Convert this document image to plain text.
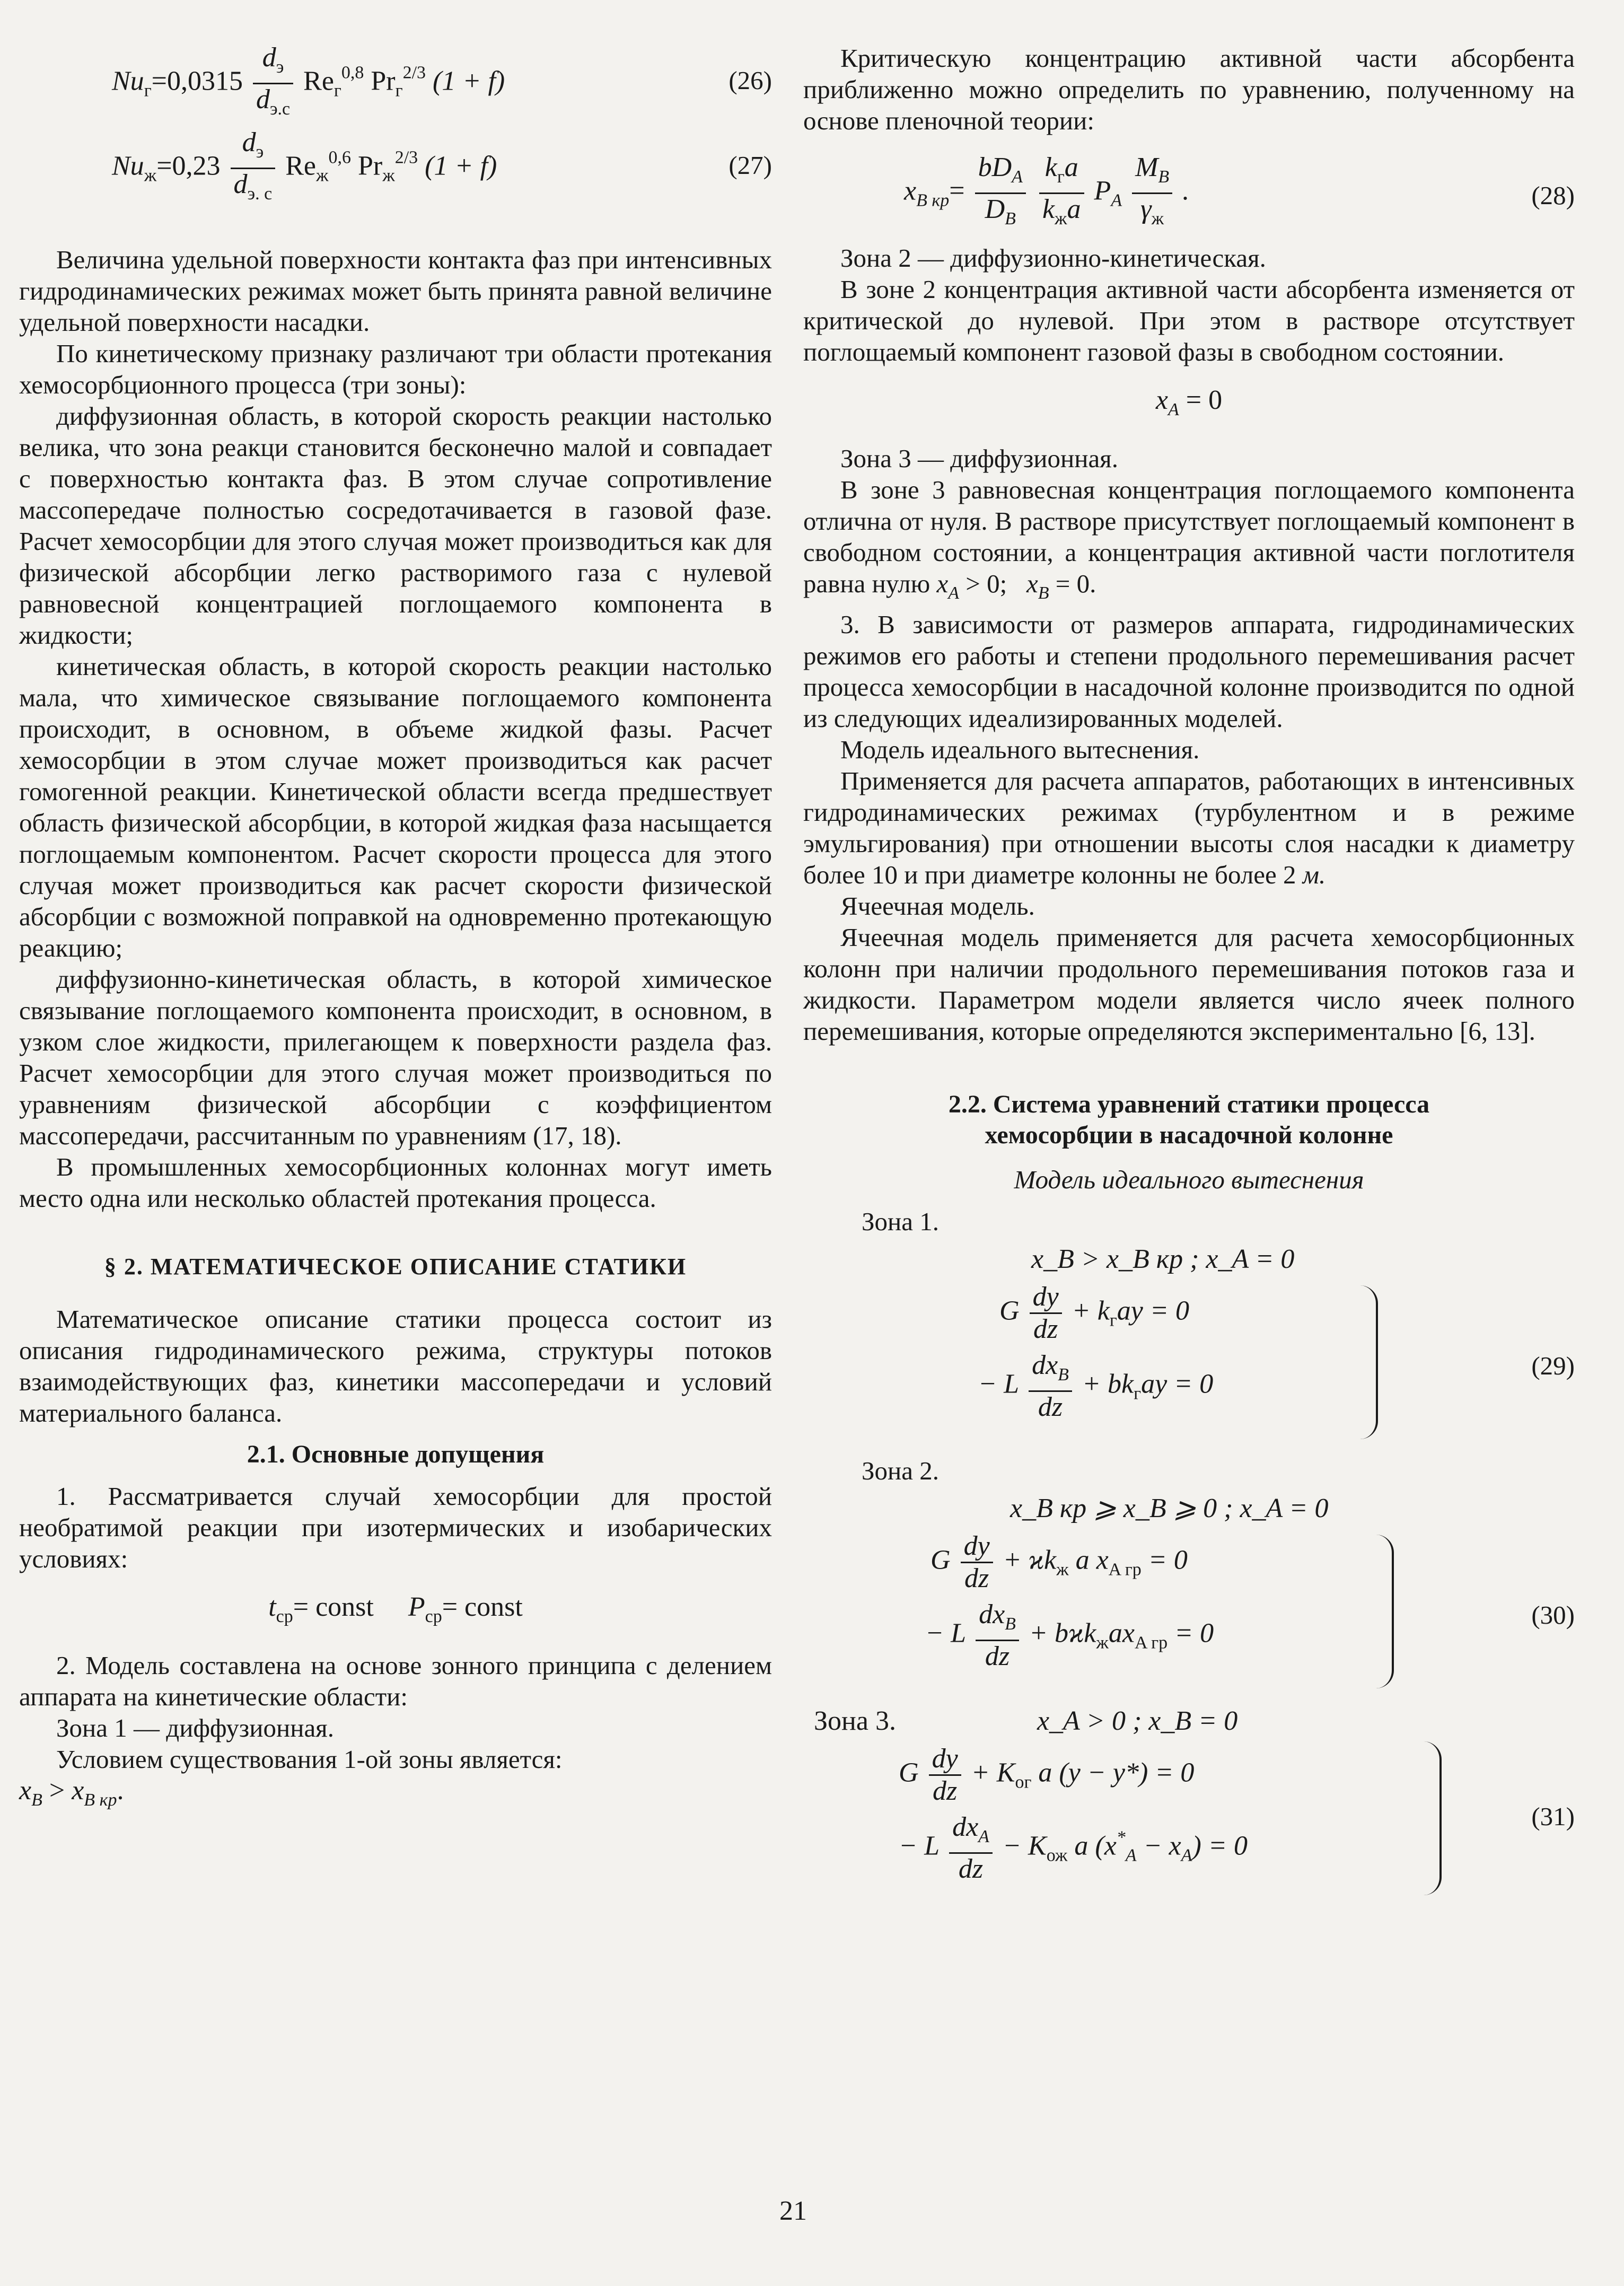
$Nu_г=0,0315 \frac{d_э}{d_{э.с}} Re_г^{0,8}$ $Pr_г^{2/3}$ (1 + f)	(26)
$Nu_ж=0,23 \frac{d_э}{d_{э. с}} Re_ж^{0,6}$ $Pr_ж^{2/3}$ (1 + f)	(27)

Величина удельной поверхности контакта фаз при интенсивных гидродинамических режимах может быть принята равной величине удельной поверхности насадки.

По кинетическому признаку различают три области протекания хемосорбционного процесса (три зоны):

диффузионная область, в которой скорость реакции настолько велика, что зона реакци становится бесконечно малой и совпадает с поверхностью контакта фаз. В этом случае сопротивление массопередаче полностью сосредотачивается в газовой фазе. Расчет хемосорбции для этого случая может производиться как для физической абсорбции легко растворимого газа с нулевой равновесной концентрацией поглощаемого компонента в жидкости;

кинетическая область, в которой скорость реакции настолько мала, что химическое связывание поглощаемого компонента происходит, в основном, в объеме жидкой фазы. Расчет хемосорбции в этом случае может производиться как расчет гомогенной реакции. Кинетической области всегда предшествует область физической абсорбции, в которой жидкая фаза насыщается поглощаемым компонентом. Расчет скорости процесса для этого случая может производиться как расчет скорости физической абсорбции с возможной поправкой на одновременно протекающую реакцию;

диффузионно-кинетическая область, в которой химическое связывание поглощаемого компонента происходит, в основном, в узком слое жидкости, прилегающем к поверхности раздела фаз. Расчет хемосорбции для этого случая может производиться по уравнениям физической абсорбции с коэффициентом массопередачи, рассчитанным по уравнениям (17, 18).

В промышленных хемосорбционных колоннах могут иметь место одна или несколько областей протекания процесса.

§ 2. МАТЕМАТИЧЕСКОЕ ОПИСАНИЕ СТАТИКИ

Математическое описание статики процесса состоит из описания гидродинамического режима, структуры потоков взаимодействующих фаз, кинетики массопередачи и условий материального баланса.

2.1. Основные допущения

1. Рассматривается случай хемосорбции для простой необратимой реакции при изотермических и изобарических условиях:

$t_{ср}=$ const $P_{ср}=$ const

2. Модель составлена на основе зонного принципа с делением аппарата на кинетические области:

Зона 1 — диффузионная.

Условием существования 1-ой зоны является:

$x_B > x_{B кр}$.

Критическую концентрацию активной части абсорбента приближенно можно определить по уравнению, полученному на основе пленочной теории:

$x_{B кр}= \frac{bD_A}{D_B}$
$\frac{k_гa}{k_жa} P_A \frac{M_B}{\gamma_ж}$ .	(28)

Зона 2 — диффузионно-кинетическая.

В зоне 2 концентрация активной части абсорбента изменяется от критической до нулевой. При этом в растворе отсутствует поглощаемый компонент газовой фазы в свободном состоянии.

$x_A = 0$

Зона 3 — диффузионная.

В зоне 3 равновесная концентрация поглощаемого компонента отлична от нуля. В растворе присутствует поглощаемый компонент в свободном состоянии, а концентрация активной части поглотителя равна нулю $x_A > 0$; $x_B = 0$.

3. В зависимости от размеров аппарата, гидродинамических режимов его работы и степени продольного перемешивания расчет процесса хемосорбции в насадочной колонне производится по одной из следующих идеализированных моделей.

Модель идеального вытеснения.

Применяется для расчета аппаратов, работающих в интенсивных гидродинамических режимах (турбулентном и в режиме эмульгирования) при отношении высоты слоя насадки к диаметру более 10 и при диаметре колонны не более 2 м.

Ячеечная модель.

Ячеечная модель применяется для расчета хемосорбционных колонн при наличии продольного перемешивания потоков газа и жидкости. Параметром модели является число ячеек полного перемешивания, которые определяются экспериментально [6, 13].

2.2. Система уравнений статики процесса

хемосорбции в насадочной колонне

Модель идеального вытеснения

Зона 1.

x_B > x_B кр ; x_A = 0
G $\frac{dy}{dz} + k_гay = 0$
− L $\frac{dx_B}{dz} + bk_гay = 0$
(29)

Зона 2.

x_B кр ⩾ x_B ⩾ 0 ; x_A = 0
G $\frac{dy}{dz} + ϰk_ж$ a $x_{A гр} = 0$
− L $\frac{dx_B}{dz} + bϰk_жax_{A гр} = 0$
(30)
Зона 3.	x_A > 0 ; x_B = 0
G $\frac{dy}{dz} + K_{ог}$ a (y − y*) = 0
− L $\frac{dx_A}{dz} - K_{ож}$ a $(x^*_A - x_A) = 0$
(31)
21
